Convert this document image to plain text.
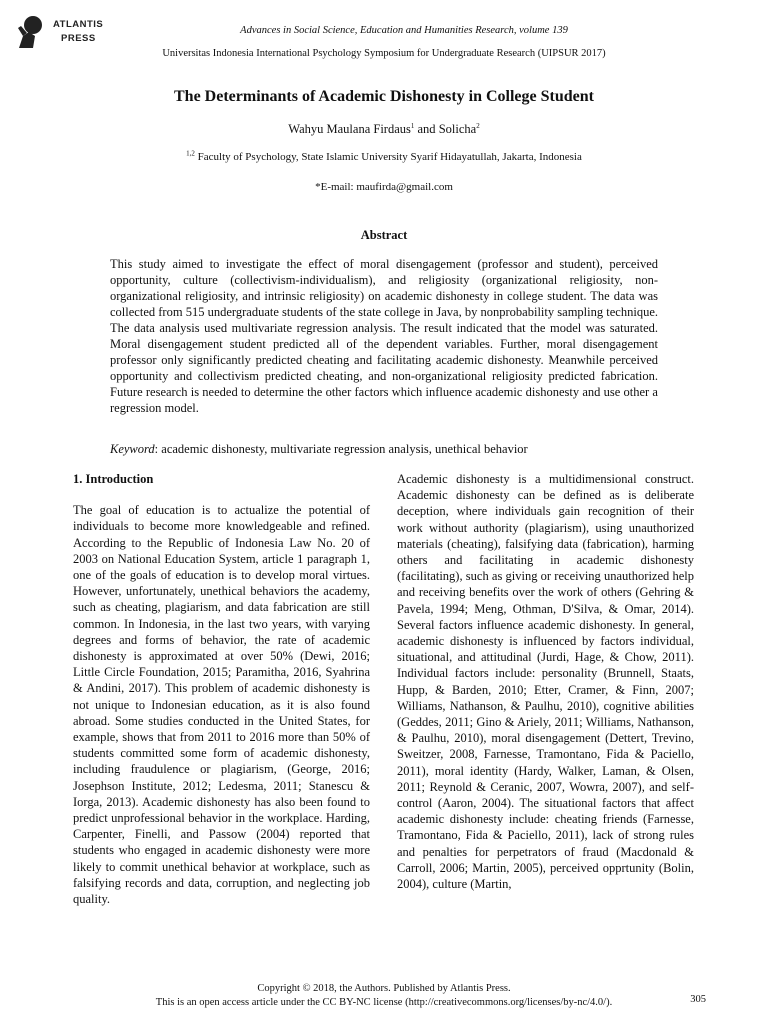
ATLANTIS
PRESS
Advances in Social Science, Education and Humanities Research, volume 139
Universitas Indonesia International Psychology Symposium for Undergraduate Research (UIPSUR 2017)
The Determinants of Academic Dishonesty in College Student
Wahyu Maulana Firdaus$^1$ and Solicha$^2$
$^{1,2}$ Faculty of Psychology, State Islamic University Syarif Hidayatullah, Jakarta, Indonesia
*E-mail: maufirda@gmail.com
Abstract

This study aimed to investigate the effect of moral disengagement (professor and student), perceived opportunity, culture (collectivism-individualism), and religiosity (organizational religiosity, non-organizational religiosity, and intrinsic religiosity) on academic dishonesty in college student. The data was collected from 515 undergraduate students of the state college in Java, by nonprobability sampling technique. The data analysis used multivariate regression analysis. The result indicated that the model was saturated. Moral disengagement student predicted all of the dependent variables. Further, moral disengagement professor only significantly predicted cheating and facilitating academic dishonesty. Meanwhile perceived opportunity and collectivism predicted cheating, and non-organizational religiosity predicted fabrication. Future research is needed to determine the other factors which influence academic dishonesty and use other a regression model.

Keyword: academic dishonesty, multivariate regression analysis, unethical behavior

1. Introduction

The goal of education is to actualize the potential of individuals to become more knowledgeable and refined. According to the Republic of Indonesia Law No. 20 of 2003 on National Education System, article 1 paragraph 1, one of the goals of education is to develop moral virtues. However, unfortunately, unethical behaviors the academy, such as cheating, plagiarism, and data fabrication are still common. In Indonesia, in the last two years, with varying degrees and forms of behavior, the rate of academic dishonesty is approximated at over 50% (Dewi, 2016; Little Circle Foundation, 2015; Paramitha, 2016, Syahrina & Andini, 2017). This problem of academic dishonesty is not unique to Indonesian education, as it is also found abroad. Some studies conducted in the United States, for example, shows that from 2011 to 2016 more than 50% of students committed some form of academic dishonesty, including fraudulence or plagiarism, (George, 2016; Josephson Institute, 2012; Ledesma, 2011; Stanescu & Iorga, 2013). Academic dishonesty has also been found to predict unprofessional behavior in the workplace. Harding, Carpenter, Finelli, and Passow (2004) reported that students who engaged in academic dishonesty were more likely to commit unethical behavior at workplace, such as falsifying records and data, corruption, and neglecting job quality.

Academic dishonesty is a multidimensional construct. Academic dishonesty can be defined as is deliberate deception, where individuals gain recognition of their work without authority (plagiarism), using unauthorized materials (cheating), falsifying data (fabrication), harming others and facilitating in academic dishonesty (facilitating), such as giving or receiving unauthorized help and receiving benefits over the work of others (Gehring & Pavela, 1994; Meng, Othman, D'Silva, & Omar, 2014). Several factors influence academic dishonesty. In general, academic dishonesty is influenced by factors individual, situational, and attitudinal (Jurdi, Hage, & Chow, 2011). Individual factors include: personality (Brunnell, Staats, Hupp, & Barden, 2010; Etter, Cramer, & Finn, 2007; Williams, Nathanson, & Paulhu, 2010), cognitive abilities (Geddes, 2011; Gino & Ariely, 2011; Williams, Nathanson, & Paulhu, 2010), moral disengagement (Dettert, Trevino, Sweitzer, 2008, Farnesse, Tramontano, Fida & Paciello, 2011), moral identity (Hardy, Walker, Laman, & Olsen, 2011; Reynold & Ceranic, 2007, Wowra, 2007), and self-control (Aaron, 2004). The situational factors that affect academic dishonesty include: cheating friends (Farnesse, Tramontano, Fida & Paciello, 2011), lack of strong rules and penalties for perpetrators of fraud (Macdonald & Carroll, 2006; Martin, 2005), perceived opprtunity (Bolin, 2004), culture (Martin,

Copyright © 2018, the Authors. Published by Atlantis Press.
This is an open access article under the CC BY-NC license (http://creativecommons.org/licenses/by-nc/4.0/).	305
